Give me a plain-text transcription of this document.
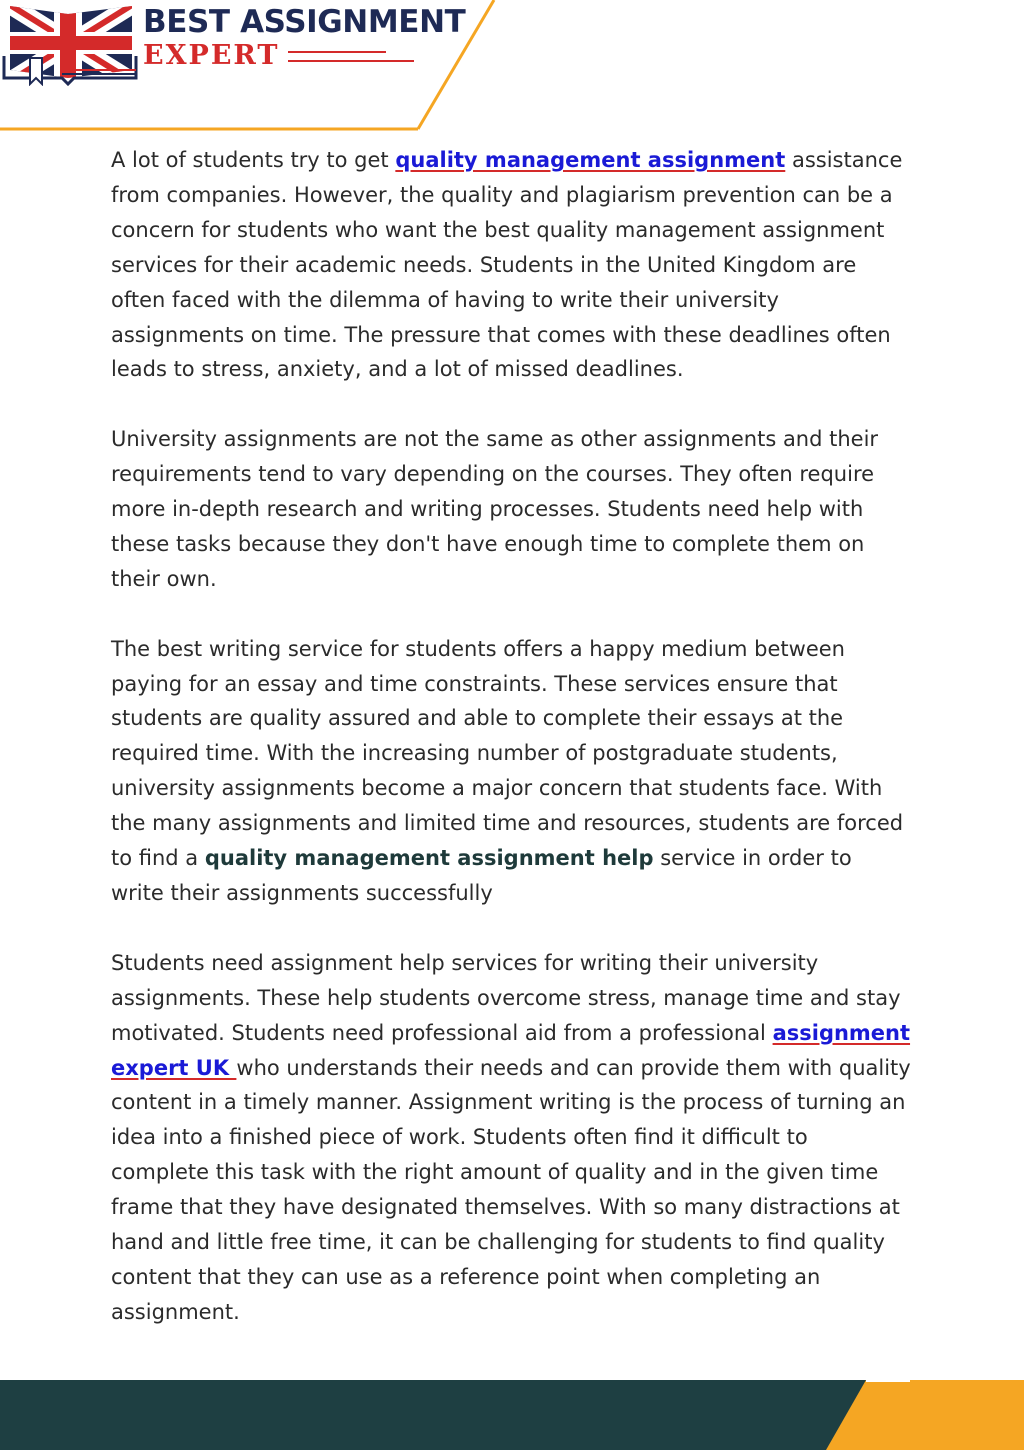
BEST ASSIGNMENT
EXPERT

A lot of students try to get quality management assignment assistance from companies. However, the quality and plagiarism prevention can be a concern for students who want the best quality management assignment services for their academic needs. Students in the United Kingdom are often faced with the dilemma of having to write their university assignments on time. The pressure that comes with these deadlines often leads to stress, anxiety, and a lot of missed deadlines.

University assignments are not the same as other assignments and their requirements tend to vary depending on the courses. They often require more in-depth research and writing processes. Students need help with these tasks because they don't have enough time to complete them on their own.

The best writing service for students offers a happy medium between paying for an essay and time constraints. These services ensure that students are quality assured and able to complete their essays at the required time. With the increasing number of postgraduate students, university assignments become a major concern that students face. With the many assignments and limited time and resources, students are forced to find a quality management assignment help service in order to write their assignments successfully

Students need assignment help services for writing their university assignments. These help students overcome stress, manage time and stay motivated. Students need professional aid from a professional assignment expert UK who understands their needs and can provide them with quality content in a timely manner. Assignment writing is the process of turning an idea into a finished piece of work. Students often find it difficult to complete this task with the right amount of quality and in the given time frame that they have designated themselves. With so many distractions at hand and little free time, it can be challenging for students to find quality content that they can use as a reference point when completing an assignment.
